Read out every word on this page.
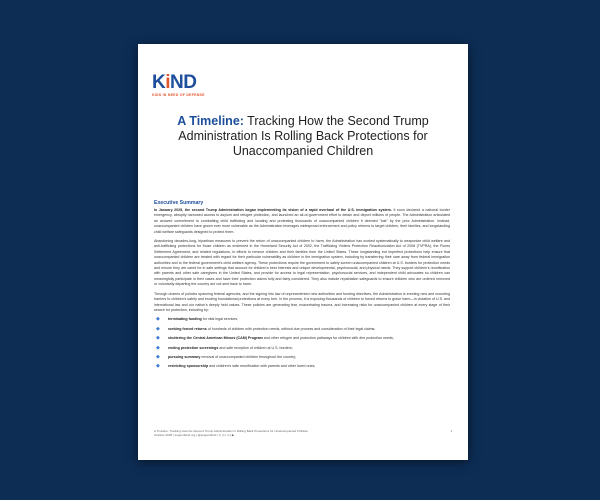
KiND
KIDS IN NEED OF DEFENSE
A Timeline: Tracking How the Second Trump Administration Is Rolling Back Protections for Unaccompanied Children
Executive Summary

In January 2025, the second Trump Administration began implementing its vision of a rapid overhaul of the U.S. immigration system. It soon declared a national border emergency, abruptly narrowed access to asylum and refugee protection, and launched an all-of-government effort to detain and deport millions of people. The Administration articulated an avowed commitment to combatting child trafficking and locating and protecting thousands of unaccompanied children it deemed "lost" by the prior Administration. Instead, unaccompanied children have grown ever more vulnerable as the Administration leverages widespread enforcement and policy reforms to target children, their families, and longstanding child welfare safeguards designed to protect them.

Abandoning decades-long, bipartisan measures to prevent the return of unaccompanied children to harm, the Administration has worked systematically to weaponize child welfare and anti-trafficking protections for those children as enshrined in the Homeland Security Act of 2002, the Trafficking Victims Protection Reauthorization Act of 2008 (TVPRA), the Flores Settlement Agreement, and related regulations, in efforts to remove children and their families from the United States. These longstanding but imperfect protections help ensure that unaccompanied children are treated with regard for their particular vulnerability as children in the immigration system, including by transferring their care away from federal immigration authorities and to the federal government's child welfare agency. These protections require the government to safely screen unaccompanied children at U.S. borders for protection needs and ensure they are cared for in safe settings that account for children's best interests and unique developmental, psychosocial, and physical needs. They support children's reunification with parents and other safe caregivers in the United States, and provide for access to legal representation, psychosocial services, and independent child advocates so children can meaningfully participate in their cases and have their protection claims fully and fairly considered. They also include repatriation safeguards to ensure children who are ordered removed or voluntarily departing the country are not sent back to harm.

Through dozens of policies spanning federal agencies, and the signing into law of unprecedented new authorities and funding directives, the Administration is erecting new and mounting barriers to children's safety and eroding foundational protections at every turn. In the process, it is exposing thousands of children to forced returns to grave harm—in violation of U.S. and international law and our nation's deeply held values. These policies are generating fear, exacerbating trauma, and increasing risks for unaccompanied children at every stage of their search for protection, including by:

◆ terminating funding for vital legal services;
◆ seeking forced returns of hundreds of children with protection needs, without due process and consideration of their legal claims;
◆ shuttering the Central American Minors (CAM) Program and other refugee and protection pathways for children with dire protection needs;
◆ ending protection screenings and safe reception of children at U.S. borders;
◆ pursuing summary removal of unaccompanied children throughout the country;
◆ restricting sponsorship and children's safe reunification with parents and other loved ones;
A Timeline: Tracking How the Second Trump Administration Is Rolling Back Protections for Unaccompanied Children
October 2025 | supportkind.org | @supportkind | f | ◎ | in | ▶
1
